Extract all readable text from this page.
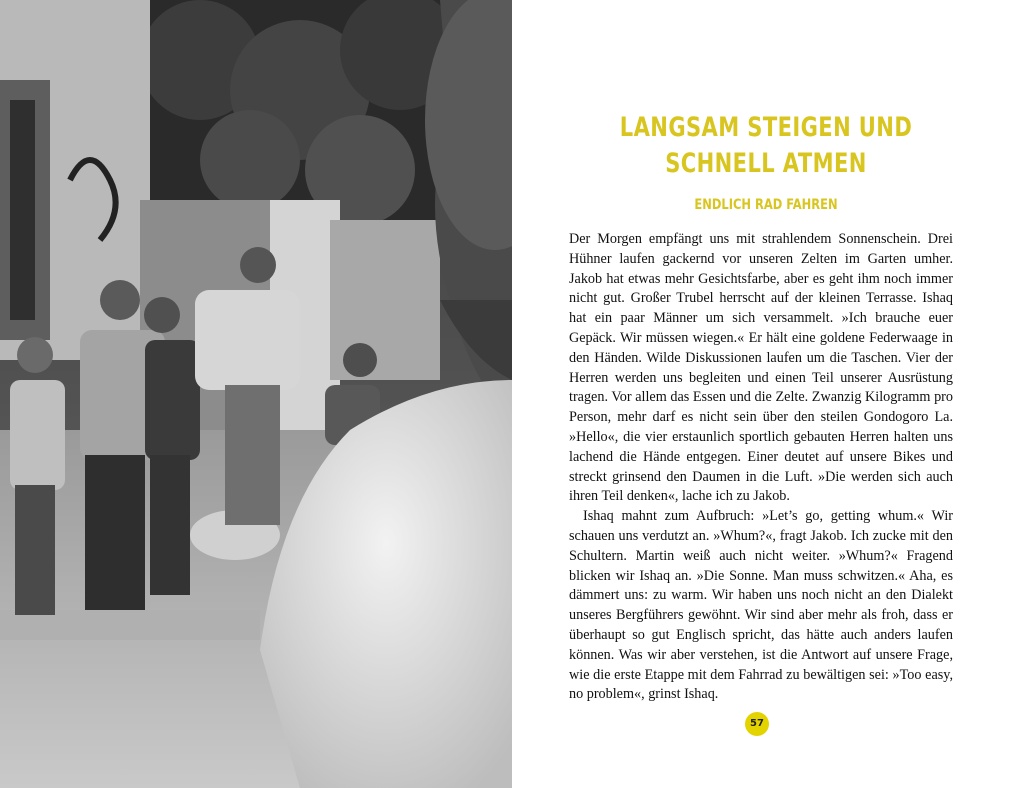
LANGSAM STEIGEN UND
SCHNELL ATMEN
ENDLICH RAD FAHREN

Der Morgen empfängt uns mit strahlendem Sonnenschein. Drei Hühner laufen gackernd vor unseren Zelten im Garten umher. Jakob hat etwas mehr Gesichtsfarbe, aber es geht ihm noch immer nicht gut. Großer Trubel herrscht auf der kleinen Terrasse. Ishaq hat ein paar Männer um sich versammelt. »Ich brauche euer Gepäck. Wir müssen wiegen.« Er hält eine goldene Federwaage in den Händen. Wilde Diskussionen laufen um die Taschen. Vier der Herren werden uns begleiten und einen Teil unserer Ausrüstung tragen. Vor allem das Essen und die Zelte. Zwanzig Kilogramm pro Person, mehr darf es nicht sein über den steilen Gondogoro La. »Hello«, die vier erstaunlich sportlich gebauten Herren halten uns lachend die Hände entgegen. Einer deutet auf unsere Bikes und streckt grinsend den Daumen in die Luft. »Die werden sich auch ihren Teil denken«, lache ich zu Jakob.

Ishaq mahnt zum Aufbruch: »Let’s go, getting whum.« Wir schauen uns verdutzt an. »Whum?«, fragt Jakob. Ich zucke mit den Schultern. Martin weiß auch nicht weiter. »Whum?« Fragend blicken wir Ishaq an. »Die Sonne. Man muss schwitzen.« Aha, es dämmert uns: zu warm. Wir haben uns noch nicht an den Dialekt unseres Bergführers gewöhnt. Wir sind aber mehr als froh, dass er überhaupt so gut Englisch spricht, das hätte auch anders laufen können. Was wir aber verstehen, ist die Antwort auf unsere Frage, wie die erste Etappe mit dem Fahrrad zu bewältigen sei: »Too easy, no problem«, grinst Ishaq.

57
